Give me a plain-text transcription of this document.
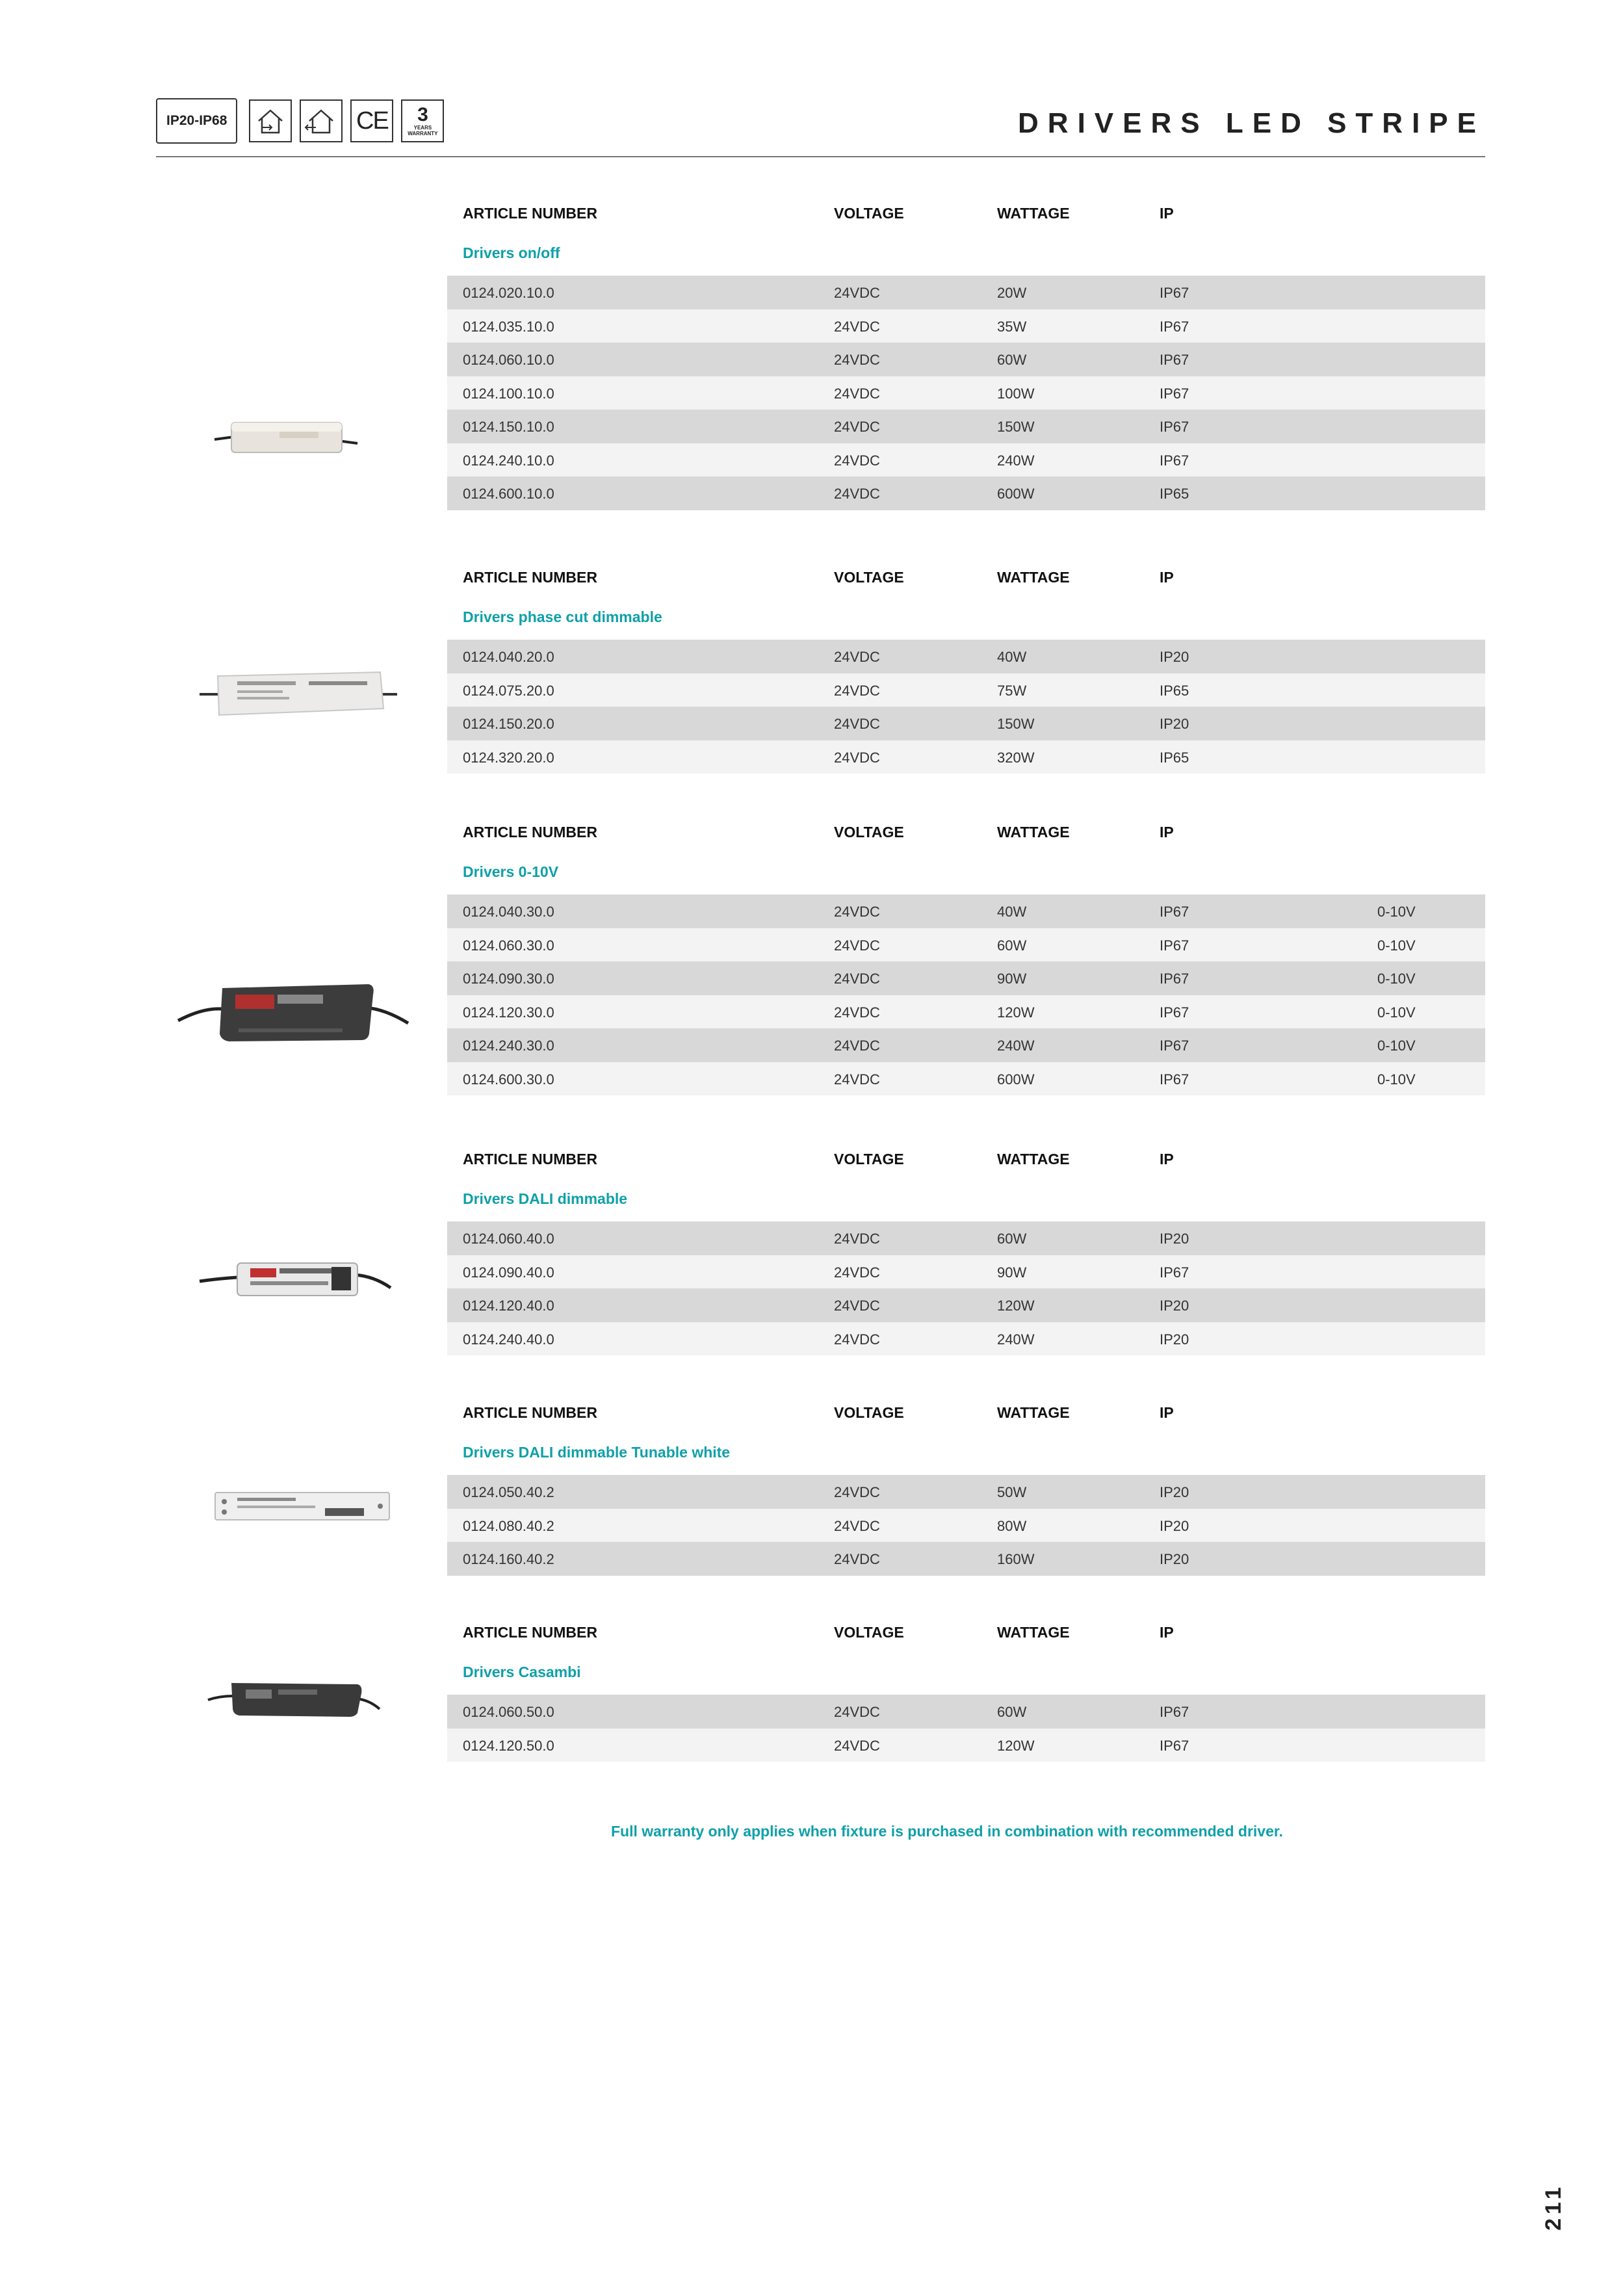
IP20-IP68	CE 3
YEARS
WARRANTY	DRIVERS LED STRIPE
ARTICLE NUMBER	VOLTAGE	WATTAGE	IP
Drivers on/off
0124.020.10.0	24VDC	20W	IP67
0124.035.10.0	24VDC	35W	IP67
0124.060.10.0	24VDC	60W	IP67
0124.100.10.0	24VDC	100W	IP67
0124.150.10.0	24VDC	150W	IP67
0124.240.10.0	24VDC	240W	IP67
0124.600.10.0	24VDC	600W	IP65
ARTICLE NUMBER	VOLTAGE	WATTAGE	IP
Drivers phase cut dimmable
0124.040.20.0	24VDC	40W	IP20
0124.075.20.0	24VDC	75W	IP65
0124.150.20.0	24VDC	150W	IP20
0124.320.20.0	24VDC	320W	IP65
ARTICLE NUMBER	VOLTAGE	WATTAGE	IP
Drivers 0-10V
0124.040.30.0	24VDC	40W	IP67	0-10V
0124.060.30.0	24VDC	60W	IP67	0-10V
0124.090.30.0	24VDC	90W	IP67	0-10V
0124.120.30.0	24VDC	120W	IP67	0-10V
0124.240.30.0	24VDC	240W	IP67	0-10V
0124.600.30.0	24VDC	600W	IP67	0-10V
ARTICLE NUMBER	VOLTAGE	WATTAGE	IP
Drivers DALI dimmable
0124.060.40.0	24VDC	60W	IP20
0124.090.40.0	24VDC	90W	IP67
0124.120.40.0	24VDC	120W	IP20
0124.240.40.0	24VDC	240W	IP20
ARTICLE NUMBER	VOLTAGE	WATTAGE	IP
Drivers DALI dimmable Tunable white
0124.050.40.2	24VDC	50W	IP20
0124.080.40.2	24VDC	80W	IP20
0124.160.40.2	24VDC	160W	IP20
ARTICLE NUMBER	VOLTAGE	WATTAGE	IP
Drivers Casambi
0124.060.50.0	24VDC	60W	IP67
0124.120.50.0	24VDC	120W	IP67
Full warranty only applies when fixture is purchased in combination with recommended driver.
211
